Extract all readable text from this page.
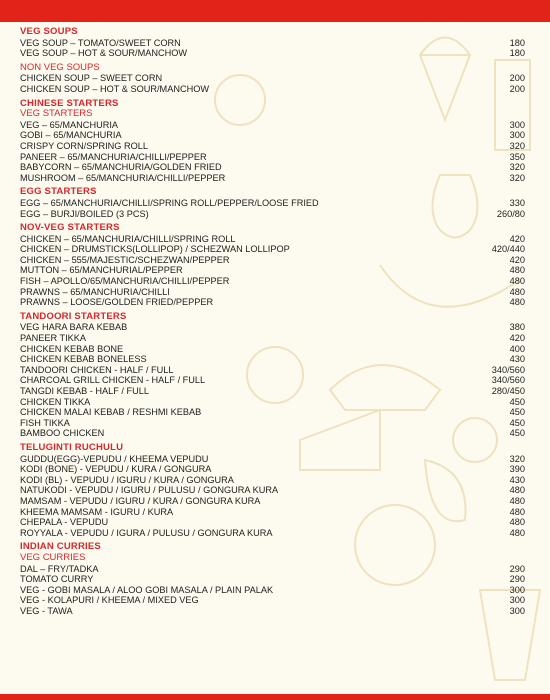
VEG SOUPS
VEG SOUP – TOMATO/SWEET CORN	180
VEG SOUP – HOT & SOUR/MANCHOW	180
NON VEG SOUPS
CHICKEN SOUP – SWEET CORN	200
CHICKEN SOUP – HOT & SOUR/MANCHOW	200
CHINESE STARTERS
VEG STARTERS
VEG – 65/MANCHURIA	300
GOBI – 65/MANCHURIA	300
CRISPY CORN/SPRING ROLL	320
PANEER – 65/MANCHURIA/CHILLI/PEPPER	350
BABYCORN – 65/MANCHURIA/GOLDEN FRIED	320
MUSHROOM – 65/MANCHURIA/CHILLI/PEPPER	320
EGG STARTERS
EGG – 65/MANCHURIA/CHILLI/SPRING ROLL/PEPPER/LOOSE FRIED	330
EGG – BURJI/BOILED (3 PCS)	260/80
NOV-VEG STARTERS
CHICKEN – 65/MANCHURIA/CHILLI/SPRING ROLL	420
CHICKEN – DRUMSTICKS(LOLLIPOP) / SCHEZWAN LOLLIPOP	420/440
CHICKEN – 555/MAJESTIC/SCHEZWAN/PEPPER	420
MUTTON – 65/MANCHURIAL/PEPPER	480
FISH – APOLLO/65/MANCHURIA/CHILLI/PEPPER	480
PRAWNS – 65/MANCHURIA/CHILLI	480
PRAWNS – LOOSE/GOLDEN FRIED/PEPPER	480
TANDOORI STARTERS
VEG HARA BARA KEBAB	380
PANEER TIKKA	420
CHICKEN KEBAB BONE	400
CHICKEN KEBAB BONELESS	430
TANDOORI CHICKEN - HALF / FULL	340/560
CHARCOAL GRILL CHICKEN - HALF / FULL	340/560
TANGDI KEBAB - HALF / FULL	280/450
CHICKEN TIKKA	450
CHICKEN MALAI KEBAB / RESHMI KEBAB	450
FISH TIKKA	450
BAMBOO CHICKEN	450
TELUGINTI RUCHULU
GUDDU(EGG)-VEPUDU / KHEEMA VEPUDU	320
KODI (BONE) - VEPUDU / KURA / GONGURA	390
KODI (BL) - VEPUDU / IGURU / KURA / GONGURA	430
NATUKODI - VEPUDU / IGURU / PULUSU / GONGURA KURA	480
MAMSAM - VEPUDU / IGURU / KURA / GONGURA KURA	480
KHEEMA MAMSAM - IGURU / KURA	480
CHEPALA - VEPUDU	480
ROYYALA - VEPUDU / IGURA / PULUSU / GONGURA KURA	480
INDIAN CURRIES
VEG CURRIES
DAL – FRY/TADKA	290
TOMATO CURRY	290
VEG - GOBI MASALA / ALOO GOBI MASALA / PLAIN PALAK	300
VEG - KOLAPURI / KHEEMA / MIXED VEG	300
VEG - TAWA	300
